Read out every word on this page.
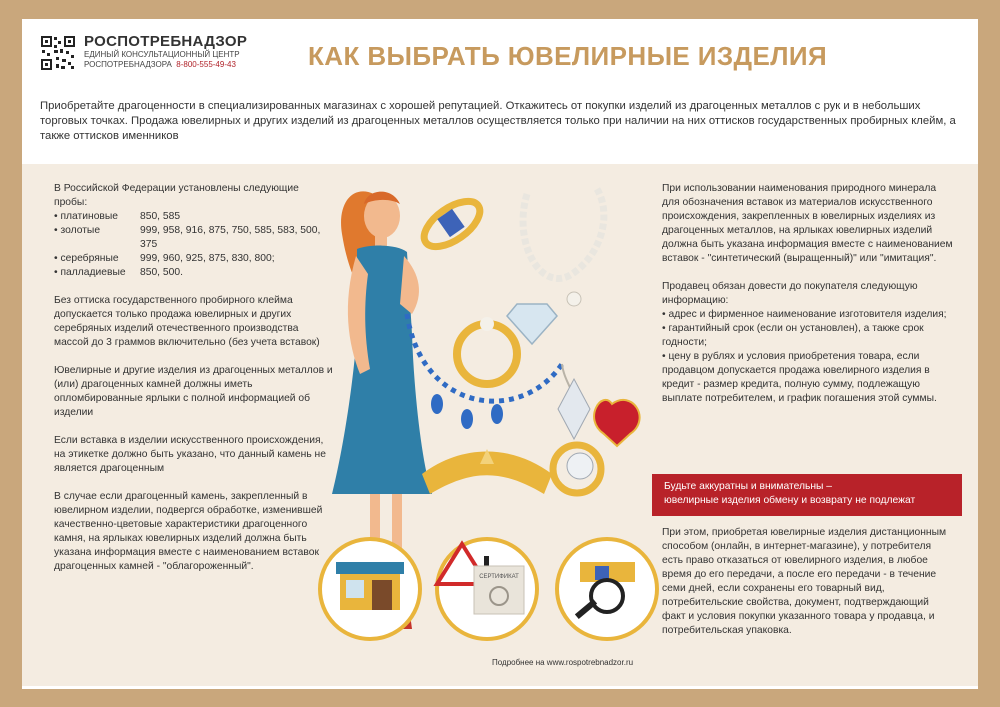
РОСПОТРЕБНАДЗОР
ЕДИНЫЙ КОНСУЛЬТАЦИОННЫЙ ЦЕНТР
РОСПОТРЕБНАДЗОРА 8-800-555-49-43	КАК ВЫБРАТЬ ЮВЕЛИРНЫЕ ИЗДЕЛИЯ
Приобретайте драгоценности в специализированных магазинах с хорошей репутацией. Откажитесь от покупки изделий из драгоценных металлов с рук и в небольших торговых точках. Продажа ювелирных и других изделий из драгоценных металлов осуществляется только при наличии на них оттисков государственных пробирных клейм, а также оттисков именников
В Российской Федерации установлены следующие пробы:
• платиновые	850, 585
• золотые	999, 958, 916, 875, 750, 585, 583, 500, 375
• серебряные	999, 960, 925, 875, 830, 800;
• палладиевые	850, 500.
Без оттиска государственного пробирного клейма допускается только продажа ювелирных и других серебряных изделий отечественного производства массой до 3 граммов включительно (без учета вставок)
Ювелирные и другие изделия из драгоценных металлов и (или) драгоценных камней должны иметь опломбированные ярлыки с полной информацией об изделии
Если вставка в изделии искусственного происхождения, на этикетке должно быть указано, что данный камень не является драгоценным
В случае если драгоценный камень, закрепленный в ювелирном изделии, подвергся обработке, изменившей качественно-цветовые характеристики драгоценного камня, на ярлыках ювелирных изделий должна быть указана информация вместе с наименованием вставок драгоценных камней - "облагороженный".
СЕРТИФИКАТ
При использовании наименования природного минерала для обозначения вставок из материалов искусственного происхождения, закрепленных в ювелирных изделиях из драгоценных металлов, на ярлыках ювелирных изделий должна быть указана информация вместе с наименованием вставок - "синтетический (выращенный)" или "имитация".
Продавец обязан довести до покупателя следующую информацию:
• адрес и фирменное наименование изготовителя изделия;
• гарантийный срок (если он установлен), а также срок годности;
• цену в рублях и условия приобретения товара, если продавцом допускается продажа ювелирного изделия в кредит - размер кредита, полную сумму, подлежащую выплате потребителем, и график погашения этой суммы.
Будьте аккуратны и внимательны –
ювелирные изделия обмену и возврату не подлежат
При этом, приобретая ювелирные изделия дистанционным способом (онлайн, в интернет-магазине), у потребителя есть право отказаться от ювелирного изделия, в любое время до его передачи, а после его передачи - в течение семи дней, если сохранены его товарный вид, потребительские свойства, документ, подтверждающий факт и условия покупки указанного товара у продавца, и потребительская упаковка.
Подробнее на www.rospotrebnadzor.ru
